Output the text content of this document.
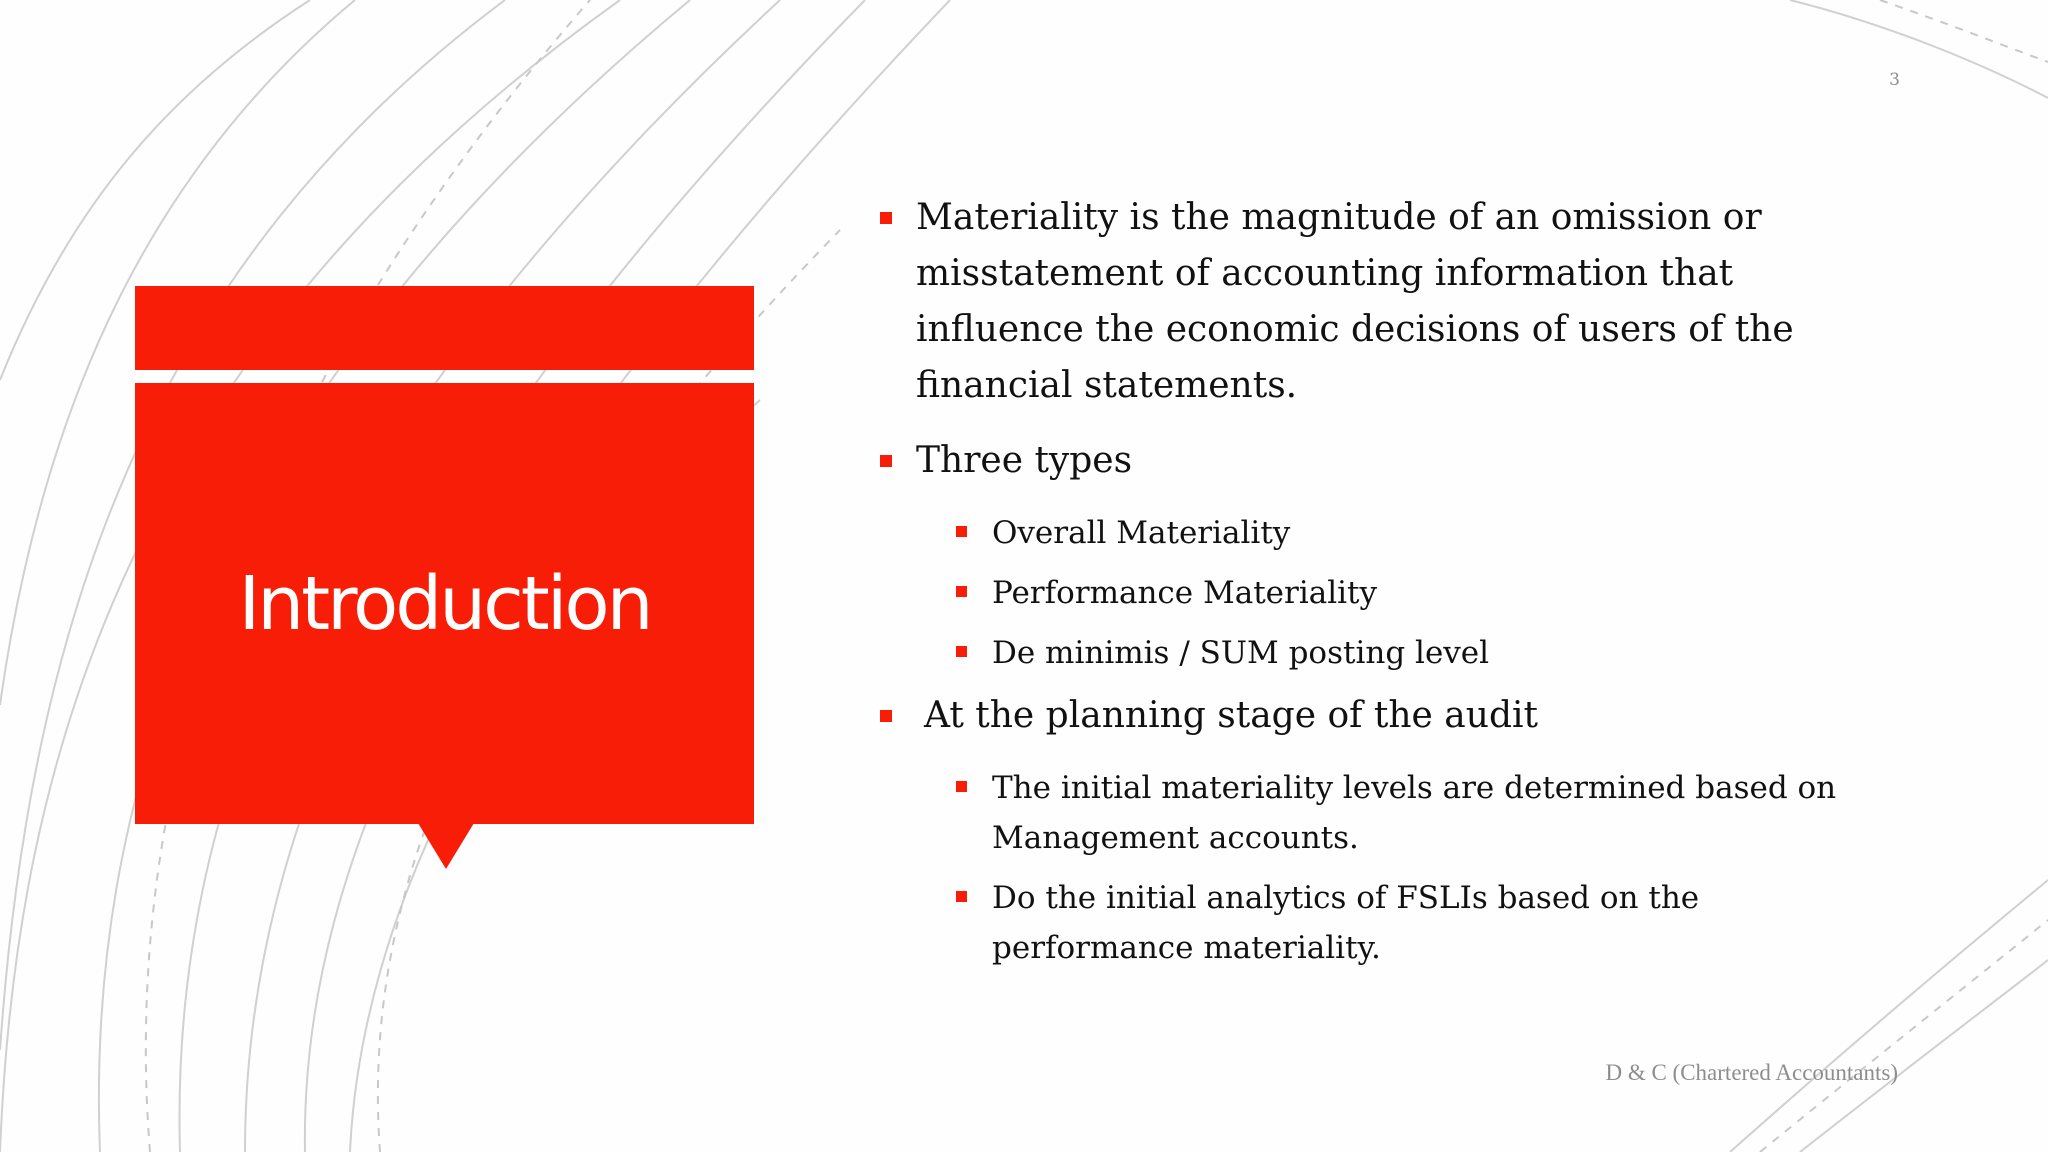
3
Introduction
Materiality is the magnitude of an omission or misstatement of accounting information that influence the economic decisions of users of the financial statements.
Three types
Overall Materiality
Performance Materiality
De minimis / SUM posting level
At the planning stage of the audit
The initial materiality levels are determined based on Management accounts.
Do the initial analytics of FSLIs based on the performance materiality.
D & C (Chartered Accountants)
